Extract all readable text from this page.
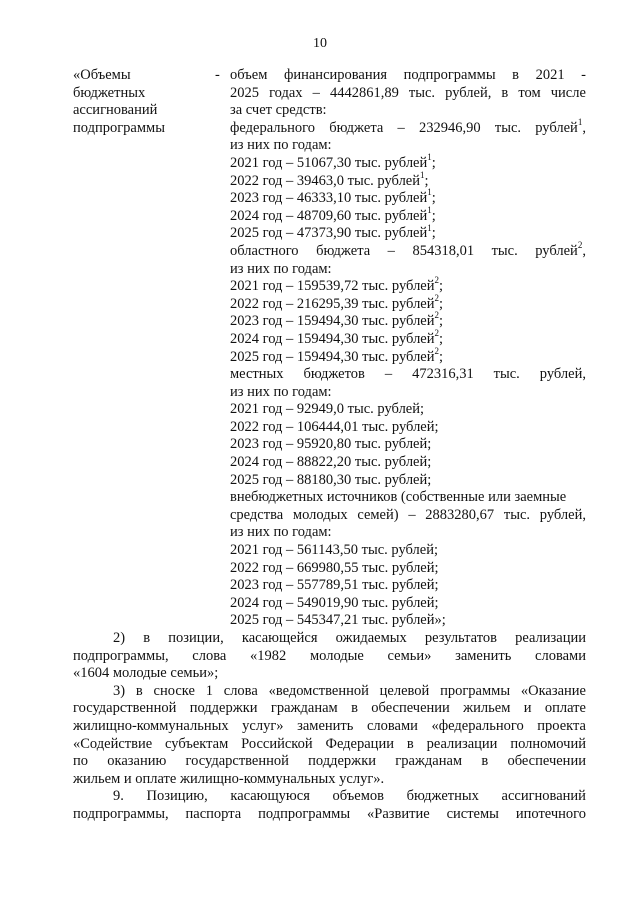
10
«Объемы
бюджетных
ассигнований
подпрограммы
- объем финансирования подпрограммы в 2021 -
2025 годах – 4442861,89 тыс. рублей, в том числе
за счет средств:
федерального бюджета – 232946,90 тыс. рублей$^1$,
из них по годам:
2021 год – 51067,30 тыс. рублей$^1$;
2022 год – 39463,0 тыс. рублей$^1$;
2023 год – 46333,10 тыс. рублей$^1$;
2024 год – 48709,60 тыс. рублей$^1$;
2025 год – 47373,90 тыс. рублей$^1$;
областного бюджета – 854318,01 тыс. рублей$^2$,
из них по годам:
2021 год – 159539,72 тыс. рублей$^2$;
2022 год – 216295,39 тыс. рублей$^2$;
2023 год – 159494,30 тыс. рублей$^2$;
2024 год – 159494,30 тыс. рублей$^2$;
2025 год – 159494,30 тыс. рублей$^2$;
местных бюджетов – 472316,31 тыс. рублей,
из них по годам:
2021 год – 92949,0 тыс. рублей;
2022 год – 106444,01 тыс. рублей;
2023 год – 95920,80 тыс. рублей;
2024 год – 88822,20 тыс. рублей;
2025 год – 88180,30 тыс. рублей;
внебюджетных источников (собственные или заемные
средства молодых семей) – 2883280,67 тыс. рублей,
из них по годам:
2021 год – 561143,50 тыс. рублей;
2022 год – 669980,55 тыс. рублей;
2023 год – 557789,51 тыс. рублей;
2024 год – 549019,90 тыс. рублей;
2025 год – 545347,21 тыс. рублей»;
2) в позиции, касающейся ожидаемых результатов реализации
подпрограммы, слова «1982 молодые семьи» заменить словами
«1604 молодые семьи»;
3) в сноске 1 слова «ведомственной целевой программы «Оказание
государственной поддержки гражданам в обеспечении жильем и оплате
жилищно-коммунальных услуг» заменить словами «федерального проекта
«Содействие субъектам Российской Федерации в реализации полномочий
по оказанию государственной поддержки гражданам в обеспечении
жильем и оплате жилищно-коммунальных услуг».
9. Позицию, касающуюся объемов бюджетных ассигнований
подпрограммы, паспорта подпрограммы «Развитие системы ипотечного
